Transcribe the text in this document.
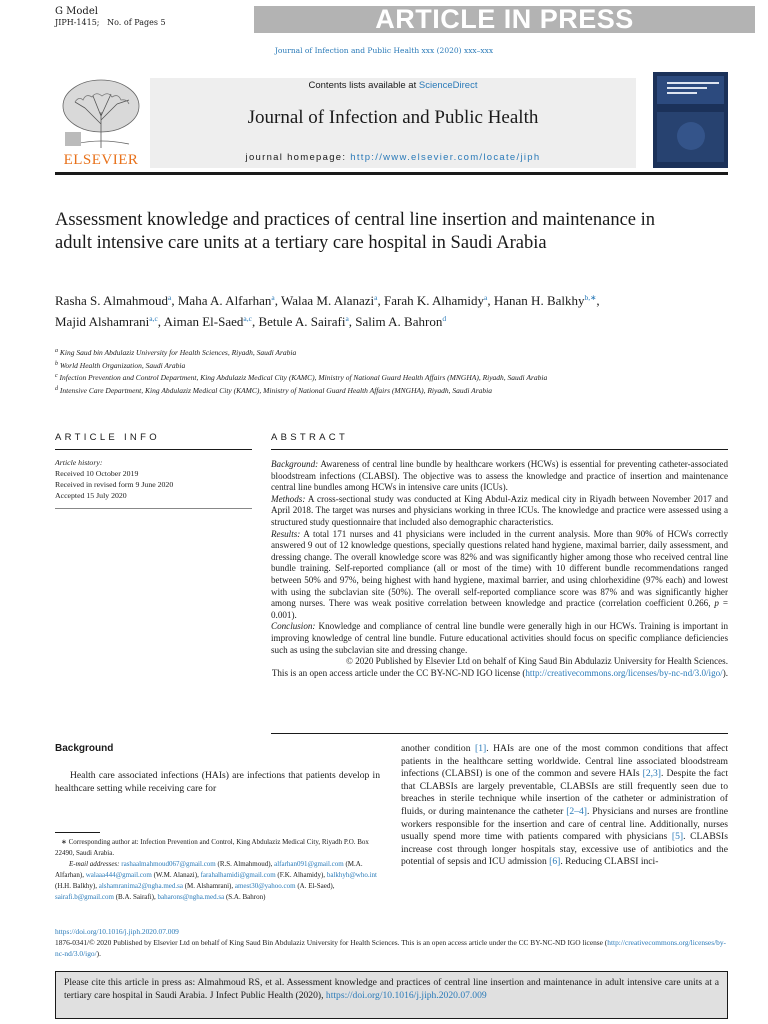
G Model
JIPH-1415; No. of Pages 5	ARTICLE IN PRESS
Journal of Infection and Public Health xxx (2020) xxx–xxx
ELSEVIER
Contents lists available at ScienceDirect
Journal of Infection and Public Health
journal homepage: http://www.elsevier.com/locate/jiph
Assessment knowledge and practices of central line insertion and maintenance in adult intensive care units at a tertiary care hospital in Saudi Arabia
Rasha S. Almahmoud$^a$, Maha A. Alfarhan$^a$, Walaa M. Alanazi$^a$, Farah K. Alhamidy$^a$, Hanan H. Balkhy$^{b,∗}$, Majid Alshamrani$^{a,c}$, Aiman El-Saed$^{a,c}$, Betule A. Sairafi$^a$, Salim A. Bahron$^d$
$^a$ King Saud bin Abdulaziz University for Health Sciences, Riyadh, Saudi Arabia
$^b$ World Health Organization, Saudi Arabia
$^c$ Infection Prevention and Control Department, King Abdulaziz Medical City (KAMC), Ministry of National Guard Health Affairs (MNGHA), Riyadh, Saudi Arabia
$^d$ Intensive Care Department, King Abdulaziz Medical City (KAMC), Ministry of National Guard Health Affairs (MNGHA), Riyadh, Saudi Arabia
ARTICLE INFO	ABSTRACT
Article history:
Received 10 October 2019
Received in revised form 9 June 2020
Accepted 15 July 2020

Background: Awareness of central line bundle by healthcare workers (HCWs) is essential for preventing catheter-associated bloodstream infections (CLABSI). The objective was to assess the knowledge and practice of insertion and maintenance central line bundles among HCWs in intensive care units (ICUs).

Methods: A cross-sectional study was conducted at King Abdul-Aziz medical city in Riyadh between November 2017 and April 2018. The target was nurses and physicians working in three ICUs. The knowledge and practice were assessed using a structured study questionnaire that included also demographic characteristics.

Results: A total 171 nurses and 41 physicians were included in the current analysis. More than 90% of HCWs correctly answered 9 out of 12 knowledge questions, specially questions related hand hygiene, maximal barrier, daily assessment, and dressing change. The overall knowledge score was 82% and was significantly higher among those who received central line bundle training. Self-reported compliance (all or most of the time) with 10 different bundle recommendations ranged between 50% and 97%, being highest with hand hygiene, maximal barrier, and using chlorhexidine (97% each) and lowest with using the subclavian site (50%). The overall self-reported compliance score was 87% and was significantly higher among nurses. There was weak positive correlation between knowledge and practice (correlation coefficient 0.266, p = 0.001).

Conclusion: Knowledge and compliance of central line bundle were generally high in our HCWs. Training is important in improving knowledge of central line bundle. Future educational activities should focus on specific compliance deficiencies such as using the subclavian site and dressing change.

© 2020 Published by Elsevier Ltd on behalf of King Saud Bin Abdulaziz University for Health Sciences.

This is an open access article under the CC BY-NC-ND IGO license (http://creativecommons.org/licenses/by-nc-nd/3.0/igo/).

Background
Health care associated infections (HAIs) are infections that patients develop in healthcare setting while receiving care for
another condition [1]. HAIs are one of the most common conditions that affect patients in the healthcare setting worldwide. Central line associated bloodstream infections (CLABSI) is one of the common and severe HAIs [2,3]. Despite the fact that CLABSIs are largely preventable, CLABSIs are still frequently seen due to breaches in sterile technique while insertion of the catheter or administration of fluids, or during maintenance the catheter [2–4]. Physicians and nurses are frontline workers responsible for the insertion and care of central line. Additionally, nurses usually spend more time with patients compared with physicians [5]. CLABSIs increase cost through longer hospitals stay, excessive use of antibiotics and the potential of sepsis and ICU admission [6]. Reducing CLABSI inci-
∗ Corresponding author at: Infection Prevention and Control, King Abdulaziz Medical City, Riyadh P.O. Box 22490, Saudi Arabia.
E-mail addresses: rashaalmahmoud067@gmail.com (R.S. Almahmoud), alfarhan091@gmail.com (M.A. Alfarhan), walaaa444@gmail.com (W.M. Alanazi), farahalhamidi@gmail.com (F.K. Alhamidy), balkhyh@who.int (H.H. Balkhy), alshamranima2@ngha.med.sa (M. Alshamrani), amest30@yahoo.com (A. El-Saed), sairafi.b@gmail.com (B.A. Sairafi), baharons@ngha.med.sa (S.A. Bahron)
https://doi.org/10.1016/j.jiph.2020.07.009
1876-0341/© 2020 Published by Elsevier Ltd on behalf of King Saud Bin Abdulaziz University for Health Sciences. This is an open access article under the CC BY-NC-ND IGO license (http://creativecommons.org/licenses/by-nc-nd/3.0/igo/).
Please cite this article in press as: Almahmoud RS, et al. Assessment knowledge and practices of central line insertion and maintenance in adult intensive care units at a tertiary care hospital in Saudi Arabia. J Infect Public Health (2020), https://doi.org/10.1016/j.jiph.2020.07.009
